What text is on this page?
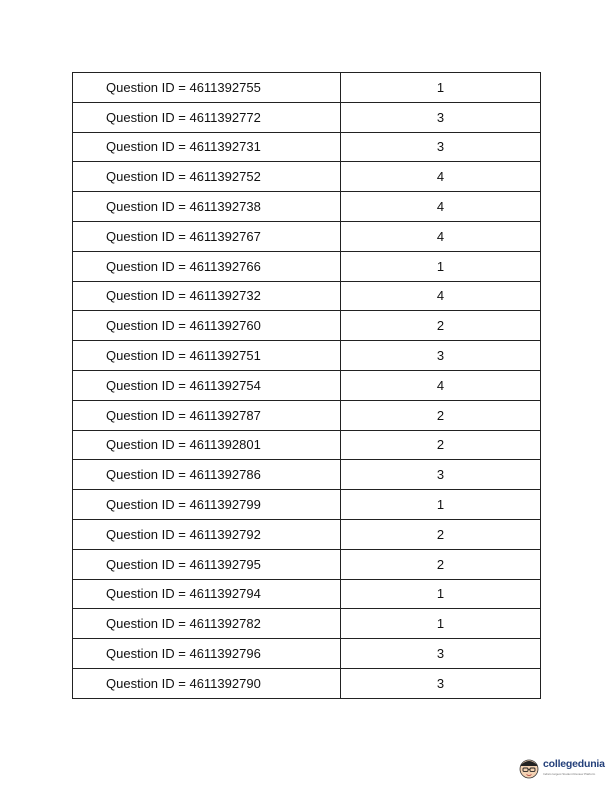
Question ID = 4611392755	1
Question ID = 4611392772	3
Question ID = 4611392731	3
Question ID = 4611392752	4
Question ID = 4611392738	4
Question ID = 4611392767	4
Question ID = 4611392766	1
Question ID = 4611392732	4
Question ID = 4611392760	2
Question ID = 4611392751	3
Question ID = 4611392754	4
Question ID = 4611392787	2
Question ID = 4611392801	2
Question ID = 4611392786	3
Question ID = 4611392799	1
Question ID = 4611392792	2
Question ID = 4611392795	2
Question ID = 4611392794	1
Question ID = 4611392782	1
Question ID = 4611392796	3
Question ID = 4611392790	3
collegedunia
India's largest Student Review Platform
